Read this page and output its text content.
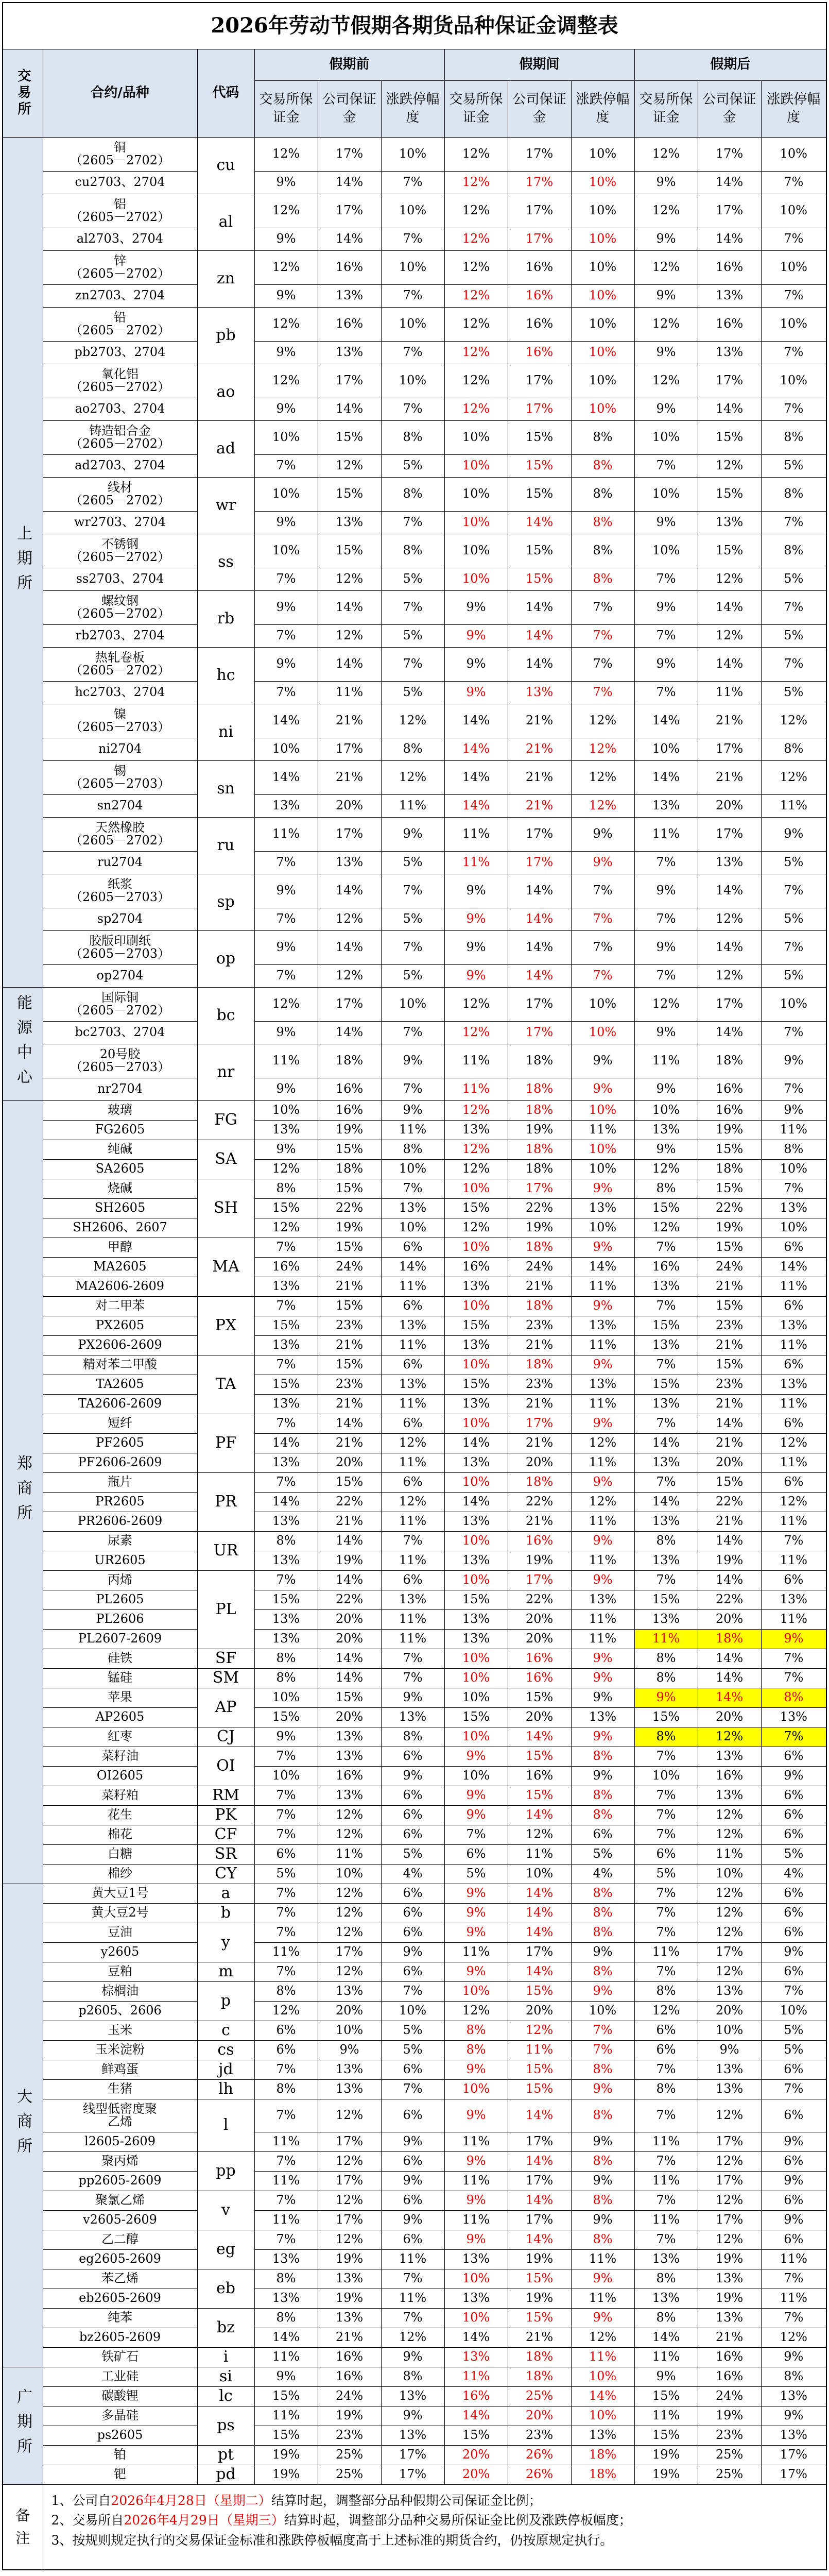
2026年劳动节假期各期货品种保证金调整表											
交易所	合约/品种	代码	假期前			假期间			假期后		
			交易所保证金	公司保证金	涨跌停幅度	交易所保证金	公司保证金	涨跌停幅度	交易所保证金	公司保证金	涨跌停幅度
上期所	铜
（2605－2702）	cu	12%	17%	10%	12%	17%	10%	12%	17%	10%
	cu2703、2704		9%	14%	7%	12%	17%	10%	9%	14%	7%
	铝
（2605－2702）	al	12%	17%	10%	12%	17%	10%	12%	17%	10%
	al2703、2704		9%	14%	7%	12%	17%	10%	9%	14%	7%
	锌
（2605－2702）	zn	12%	16%	10%	12%	16%	10%	12%	16%	10%
	zn2703、2704		9%	13%	7%	12%	16%	10%	9%	13%	7%
	铅
（2605－2702）	pb	12%	16%	10%	12%	16%	10%	12%	16%	10%
	pb2703、2704		9%	13%	7%	12%	16%	10%	9%	13%	7%
	氧化铝
（2605－2702）	ao	12%	17%	10%	12%	17%	10%	12%	17%	10%
	ao2703、2704		9%	14%	7%	12%	17%	10%	9%	14%	7%
	铸造铝合金
（2605－2702）	ad	10%	15%	8%	10%	15%	8%	10%	15%	8%
	ad2703、2704		7%	12%	5%	10%	15%	8%	7%	12%	5%
	线材
（2605－2702）	wr	10%	15%	8%	10%	15%	8%	10%	15%	8%
	wr2703、2704		9%	13%	7%	10%	14%	8%	9%	13%	7%
	不锈钢
（2605－2702）	ss	10%	15%	8%	10%	15%	8%	10%	15%	8%
	ss2703、2704		7%	12%	5%	10%	15%	8%	7%	12%	5%
	螺纹钢
（2605－2702）	rb	9%	14%	7%	9%	14%	7%	9%	14%	7%
	rb2703、2704		7%	12%	5%	9%	14%	7%	7%	12%	5%
	热轧卷板
（2605－2702）	hc	9%	14%	7%	9%	14%	7%	9%	14%	7%
	hc2703、2704		7%	11%	5%	9%	13%	7%	7%	11%	5%
	镍
（2605－2703）	ni	14%	21%	12%	14%	21%	12%	14%	21%	12%
	ni2704		10%	17%	8%	14%	21%	12%	10%	17%	8%
	锡
（2605－2703）	sn	14%	21%	12%	14%	21%	12%	14%	21%	12%
	sn2704		13%	20%	11%	14%	21%	12%	13%	20%	11%
	天然橡胶
（2605－2702）	ru	11%	17%	9%	11%	17%	9%	11%	17%	9%
	ru2704		7%	13%	5%	11%	17%	9%	7%	13%	5%
	纸浆
（2605－2703）	sp	9%	14%	7%	9%	14%	7%	9%	14%	7%
	sp2704		7%	12%	5%	9%	14%	7%	7%	12%	5%
	胶版印刷纸
（2605－2703）	op	9%	14%	7%	9%	14%	7%	9%	14%	7%
	op2704		7%	12%	5%	9%	14%	7%	7%	12%	5%
能源中心	国际铜
（2605－2702）	bc	12%	17%	10%	12%	17%	10%	12%	17%	10%
	bc2703、2704		9%	14%	7%	12%	17%	10%	9%	14%	7%
	20号胶
（2605－2703）	nr	11%	18%	9%	11%	18%	9%	11%	18%	9%
	nr2704		9%	16%	7%	11%	18%	9%	9%	16%	7%
郑商所	玻璃	FG	10%	16%	9%	12%	18%	10%	10%	16%	9%
	FG2605		13%	19%	11%	13%	19%	11%	13%	19%	11%
	纯碱	SA	9%	15%	8%	12%	18%	10%	9%	15%	8%
	SA2605		12%	18%	10%	12%	18%	10%	12%	18%	10%
	烧碱	SH	8%	15%	7%	10%	17%	9%	8%	15%	7%
	SH2605		15%	22%	13%	15%	22%	13%	15%	22%	13%
	SH2606、2607		12%	19%	10%	12%	19%	10%	12%	19%	10%
	甲醇	MA	7%	15%	6%	10%	18%	9%	7%	15%	6%
	MA2605		16%	24%	14%	16%	24%	14%	16%	24%	14%
	MA2606-2609		13%	21%	11%	13%	21%	11%	13%	21%	11%
	对二甲苯	PX	7%	15%	6%	10%	18%	9%	7%	15%	6%
	PX2605		15%	23%	13%	15%	23%	13%	15%	23%	13%
	PX2606-2609		13%	21%	11%	13%	21%	11%	13%	21%	11%
	精对苯二甲酸	TA	7%	15%	6%	10%	18%	9%	7%	15%	6%
	TA2605		15%	23%	13%	15%	23%	13%	15%	23%	13%
	TA2606-2609		13%	21%	11%	13%	21%	11%	13%	21%	11%
	短纤	PF	7%	14%	6%	10%	17%	9%	7%	14%	6%
	PF2605		14%	21%	12%	14%	21%	12%	14%	21%	12%
	PF2606-2609		13%	20%	11%	13%	20%	11%	13%	20%	11%
	瓶片	PR	7%	15%	6%	10%	18%	9%	7%	15%	6%
	PR2605		14%	22%	12%	14%	22%	12%	14%	22%	12%
	PR2606-2609		13%	21%	11%	13%	21%	11%	13%	21%	11%
	尿素	UR	8%	14%	7%	10%	16%	9%	8%	14%	7%
	UR2605		13%	19%	11%	13%	19%	11%	13%	19%	11%
	丙烯	PL	7%	14%	6%	10%	17%	9%	7%	14%	6%
	PL2605		15%	22%	13%	15%	22%	13%	15%	22%	13%
	PL2606		13%	20%	11%	13%	20%	11%	13%	20%	11%
	PL2607-2609		13%	20%	11%	13%	20%	11%	11%	18%	9%
	硅铁	SF	8%	14%	7%	10%	16%	9%	8%	14%	7%
	锰硅	SM	8%	14%	7%	10%	16%	9%	8%	14%	7%
	苹果	AP	10%	15%	9%	10%	15%	9%	9%	14%	8%
	AP2605		15%	20%	13%	15%	20%	13%	15%	20%	13%
	红枣	CJ	9%	13%	8%	10%	14%	9%	8%	12%	7%
	菜籽油	OI	7%	13%	6%	9%	15%	8%	7%	13%	6%
	OI2605		10%	16%	9%	10%	16%	9%	10%	16%	9%
	菜籽粕	RM	7%	13%	6%	9%	15%	8%	7%	13%	6%
	花生	PK	7%	12%	6%	9%	14%	8%	7%	12%	6%
	棉花	CF	7%	12%	6%	7%	12%	6%	7%	12%	6%
	白糖	SR	6%	11%	5%	6%	11%	5%	6%	11%	5%
	棉纱	CY	5%	10%	4%	5%	10%	4%	5%	10%	4%
大商所	黄大豆1号	a	7%	12%	6%	9%	14%	8%	7%	12%	6%
	黄大豆2号	b	7%	12%	6%	9%	14%	8%	7%	12%	6%
	豆油	y	7%	12%	6%	9%	14%	8%	7%	12%	6%
	y2605		11%	17%	9%	11%	17%	9%	11%	17%	9%
	豆粕	m	7%	12%	6%	9%	14%	8%	7%	12%	6%
	棕榈油	p	8%	13%	7%	10%	15%	9%	8%	13%	7%
	p2605、2606		12%	20%	10%	12%	20%	10%	12%	20%	10%
	玉米	c	6%	10%	5%	8%	12%	7%	6%	10%	5%
	玉米淀粉	cs	6%	9%	5%	8%	11%	7%	6%	9%	5%
	鲜鸡蛋	jd	7%	13%	6%	9%	15%	8%	7%	13%	6%
	生猪	lh	8%	13%	7%	10%	15%	9%	8%	13%	7%
	线型低密度聚
乙烯	l	7%	12%	6%	9%	14%	8%	7%	12%	6%
	l2605-2609		11%	17%	9%	11%	17%	9%	11%	17%	9%
	聚丙烯	pp	7%	12%	6%	9%	14%	8%	7%	12%	6%
	pp2605-2609		11%	17%	9%	11%	17%	9%	11%	17%	9%
	聚氯乙烯	v	7%	12%	6%	9%	14%	8%	7%	12%	6%
	v2605-2609		11%	17%	9%	11%	17%	9%	11%	17%	9%
	乙二醇	eg	7%	12%	6%	9%	14%	8%	7%	12%	6%
	eg2605-2609		13%	19%	11%	13%	19%	11%	13%	19%	11%
	苯乙烯	eb	8%	13%	7%	10%	15%	9%	8%	13%	7%
	eb2605-2609		13%	19%	11%	13%	19%	11%	13%	19%	11%
	纯苯	bz	8%	13%	7%	10%	15%	9%	8%	13%	7%
	bz2605-2609		14%	21%	12%	14%	21%	12%	14%	21%	12%
	铁矿石	i	11%	16%	9%	13%	18%	11%	11%	16%	9%
广期所	工业硅	si	9%	16%	8%	11%	18%	10%	9%	16%	8%
	碳酸锂	lc	15%	24%	13%	16%	25%	14%	15%	24%	13%
	多晶硅	ps	11%	19%	9%	14%	20%	10%	11%	19%	9%
	ps2605		15%	23%	13%	15%	23%	13%	15%	23%	13%
	铂	pt	19%	25%	17%	20%	26%	18%	19%	25%	17%
	钯	pd	19%	25%	17%	20%	26%	18%	19%	25%	17%
备注	1、公司自2026年4月28日（星期二）结算时起，调整部分品种假期公司保证金比例；
2、交易所自2026年4月29日（星期三）结算时起，调整部分品种交易所保证金比例及涨跌停板幅度；
3、按规则规定执行的交易保证金标准和涨跌停板幅度高于上述标准的期货合约，仍按原规定执行。										
